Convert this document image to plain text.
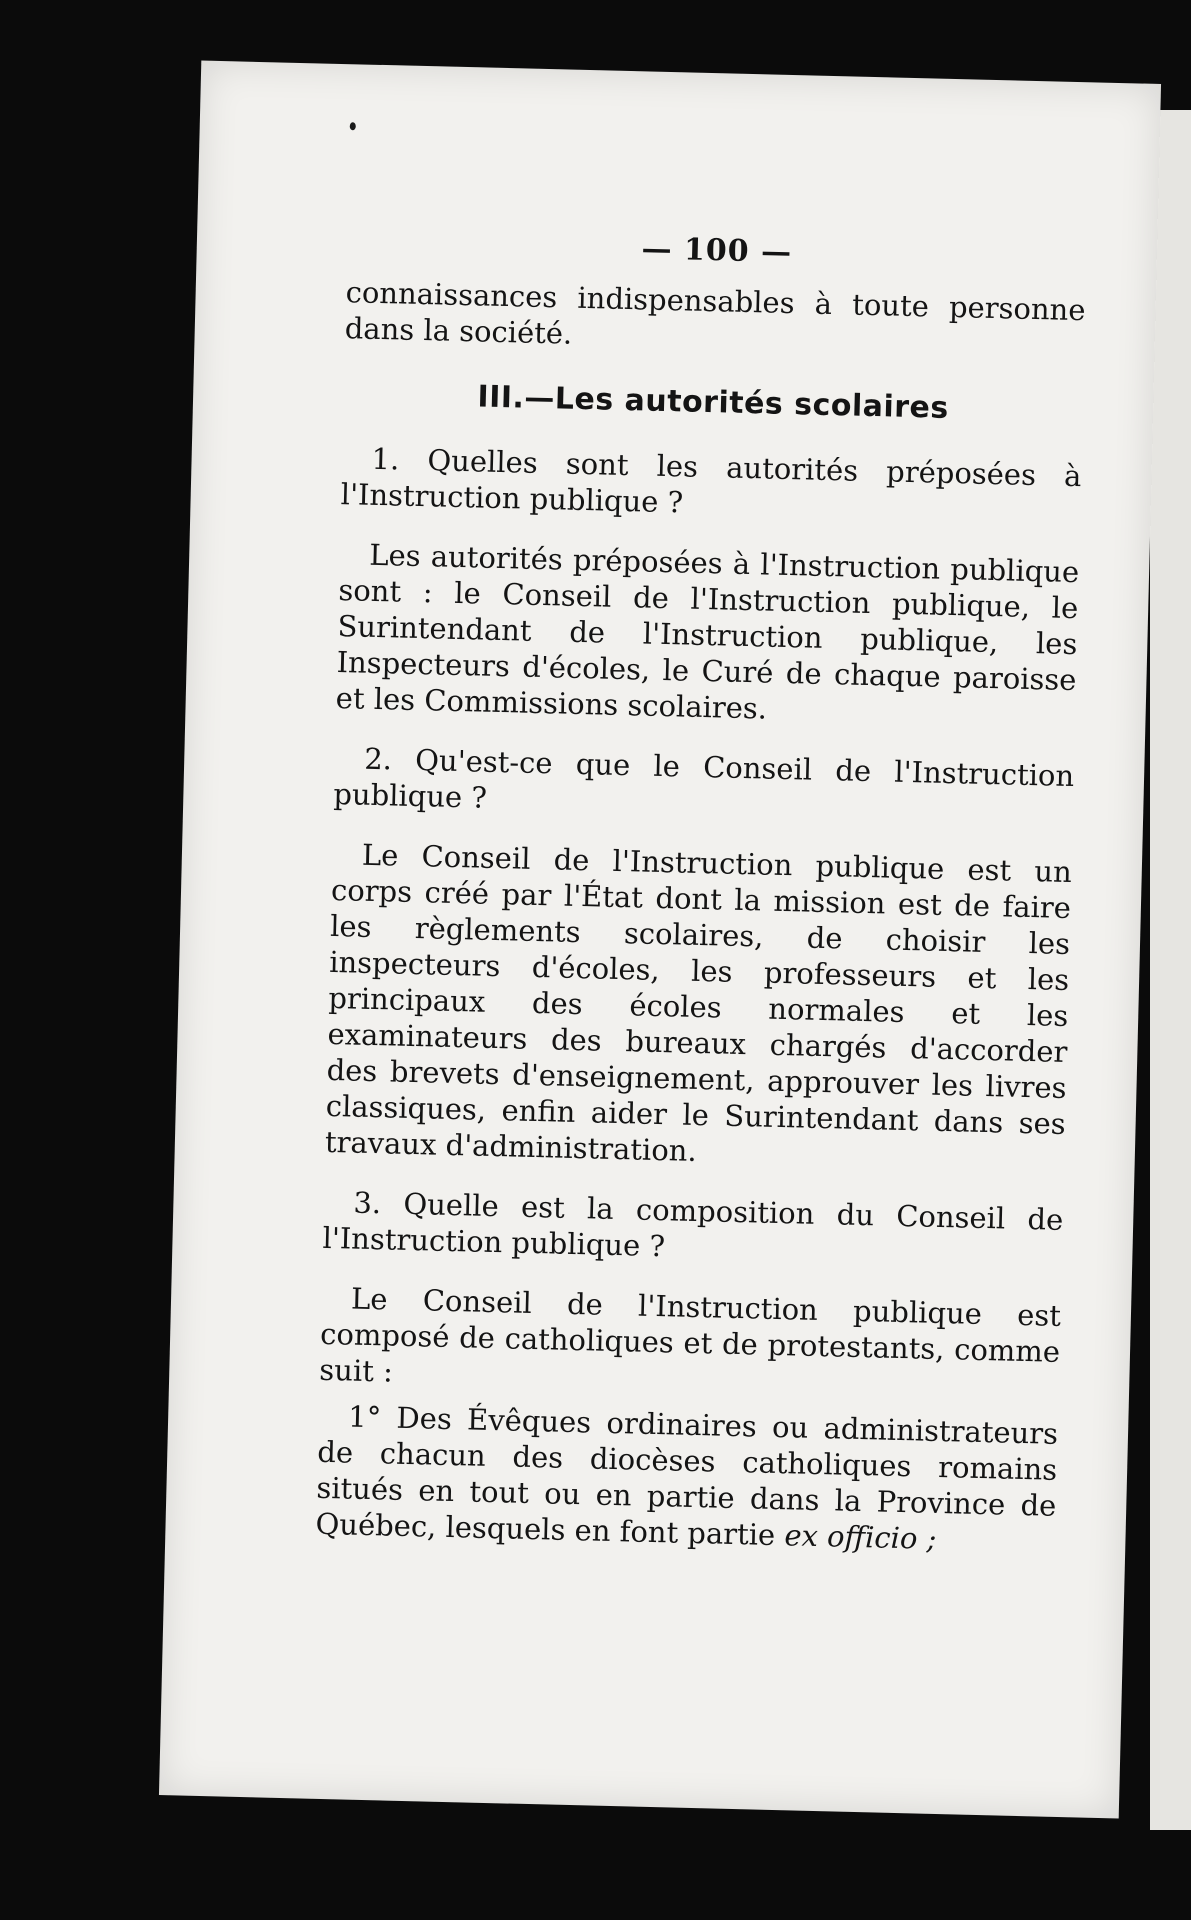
— 100 —

connaissances indispensables à toute personne dans la société.

III.—Les autorités scolaires

1. Quelles sont les autorités préposées à l'Instruction publique ?

Les autorités préposées à l'Instruction publique sont : le Conseil de l'Instruction publique, le Surintendant de l'Instruction publique, les Inspecteurs d'écoles, le Curé de chaque paroisse et les Commissions scolaires.

2. Qu'est-ce que le Conseil de l'Instruction publique ?

Le Conseil de l'Instruction publique est un corps créé par l'État dont la mission est de faire les règlements scolaires, de choisir les inspecteurs d'écoles, les professeurs et les principaux des écoles normales et les examinateurs des bureaux chargés d'accorder des brevets d'enseignement, approuver les livres classiques, enfin aider le Surintendant dans ses travaux d'administration.

3. Quelle est la composition du Conseil de l'Instruction publique ?

Le Conseil de l'Instruction publique est composé de catholiques et de protestants, comme suit :

1° Des Évêques ordinaires ou administrateurs de chacun des diocèses catholiques romains situés en tout ou en partie dans la Province de Québec, lesquels en font partie ex officio ;
